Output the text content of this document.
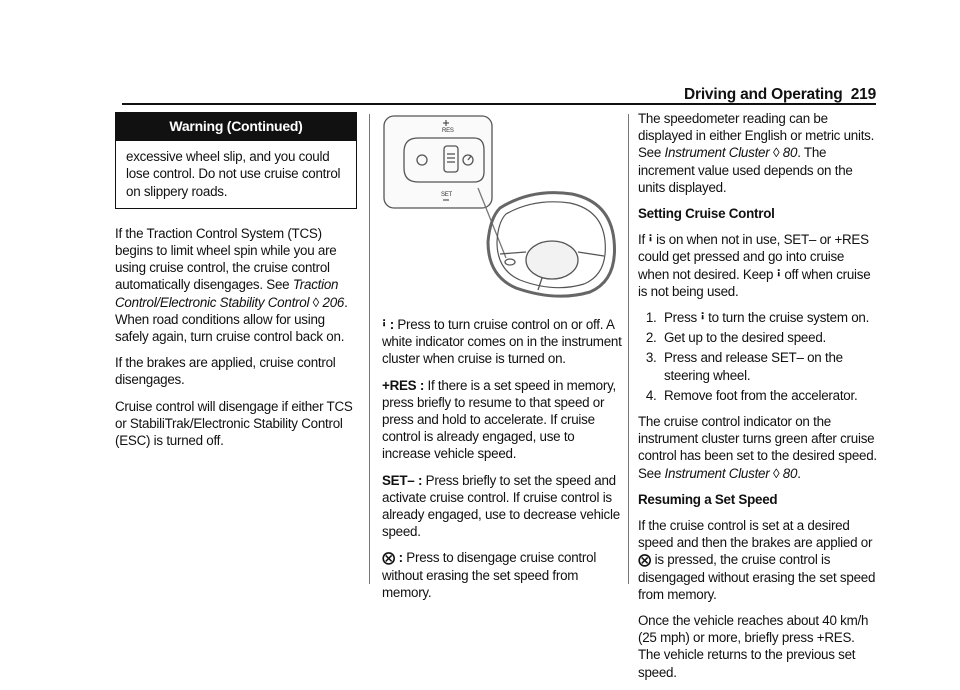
Driving and Operating 219
Warning (Continued)
excessive wheel slip, and you could lose control. Do not use cruise control on slippery roads.

If the Traction Control System (TCS) begins to limit wheel spin while you are using cruise control, the cruise control automatically disengages. See Traction Control/Electronic Stability Control ◊ 206. When road conditions allow for using safely again, turn cruise control back on.

If the brakes are applied, cruise control disengages.

Cruise control will disengage if either TCS or StabiliTrak/Electronic Stability Control (ESC) is turned off.

RES
SET

ꜟ : Press to turn cruise control on or off. A white indicator comes on in the instrument cluster when cruise is turned on.

+RES : If there is a set speed in memory, press briefly to resume to that speed or press and hold to accelerate. If cruise control is already engaged, use to increase vehicle speed.

SET– : Press briefly to set the speed and activate cruise control. If cruise control is already engaged, use to decrease vehicle speed.

⨂ : Press to disengage cruise control without erasing the set speed from memory.

The speedometer reading can be displayed in either English or metric units. See Instrument Cluster ◊ 80. The increment value used depends on the units displayed.

Setting Cruise Control

If ꜟ is on when not in use, SET– or +RES could get pressed and go into cruise when not desired. Keep ꜟ off when cruise is not being used.

1. Press ꜟ to turn the cruise system on.
2. Get up to the desired speed.
3. Press and release SET– on the steering wheel.
4. Remove foot from the accelerator.

The cruise control indicator on the instrument cluster turns green after cruise control has been set to the desired speed. See Instrument Cluster ◊ 80.

Resuming a Set Speed

If the cruise control is set at a desired speed and then the brakes are applied or ⨂ is pressed, the cruise control is disengaged without erasing the set speed from memory.

Once the vehicle reaches about 40 km/h (25 mph) or more, briefly press +RES. The vehicle returns to the previous set speed.
